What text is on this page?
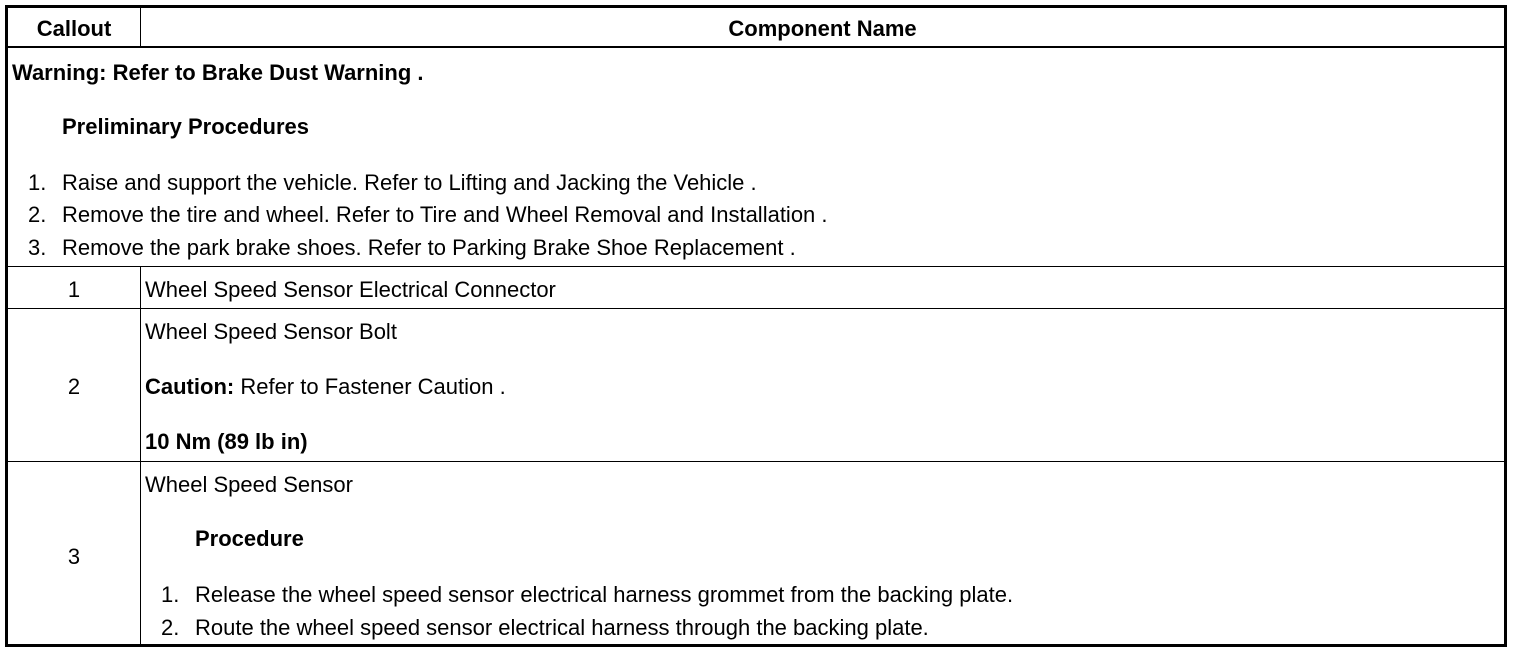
Callout	Component Name
Warning: Refer to Brake Dust Warning .
Preliminary Procedures
1. Raise and support the vehicle. Refer to Lifting and Jacking the Vehicle .
2. Remove the tire and wheel. Refer to Tire and Wheel Removal and Installation .
3. Remove the park brake shoes. Refer to Parking Brake Shoe Replacement .
1	Wheel Speed Sensor Electrical Connector
2
Wheel Speed Sensor Bolt
Caution: Refer to Fastener Caution .
10 Nm (89 lb in)
3
Wheel Speed Sensor
Procedure
1. Release the wheel speed sensor electrical harness grommet from the backing plate.
2. Route the wheel speed sensor electrical harness through the backing plate.
